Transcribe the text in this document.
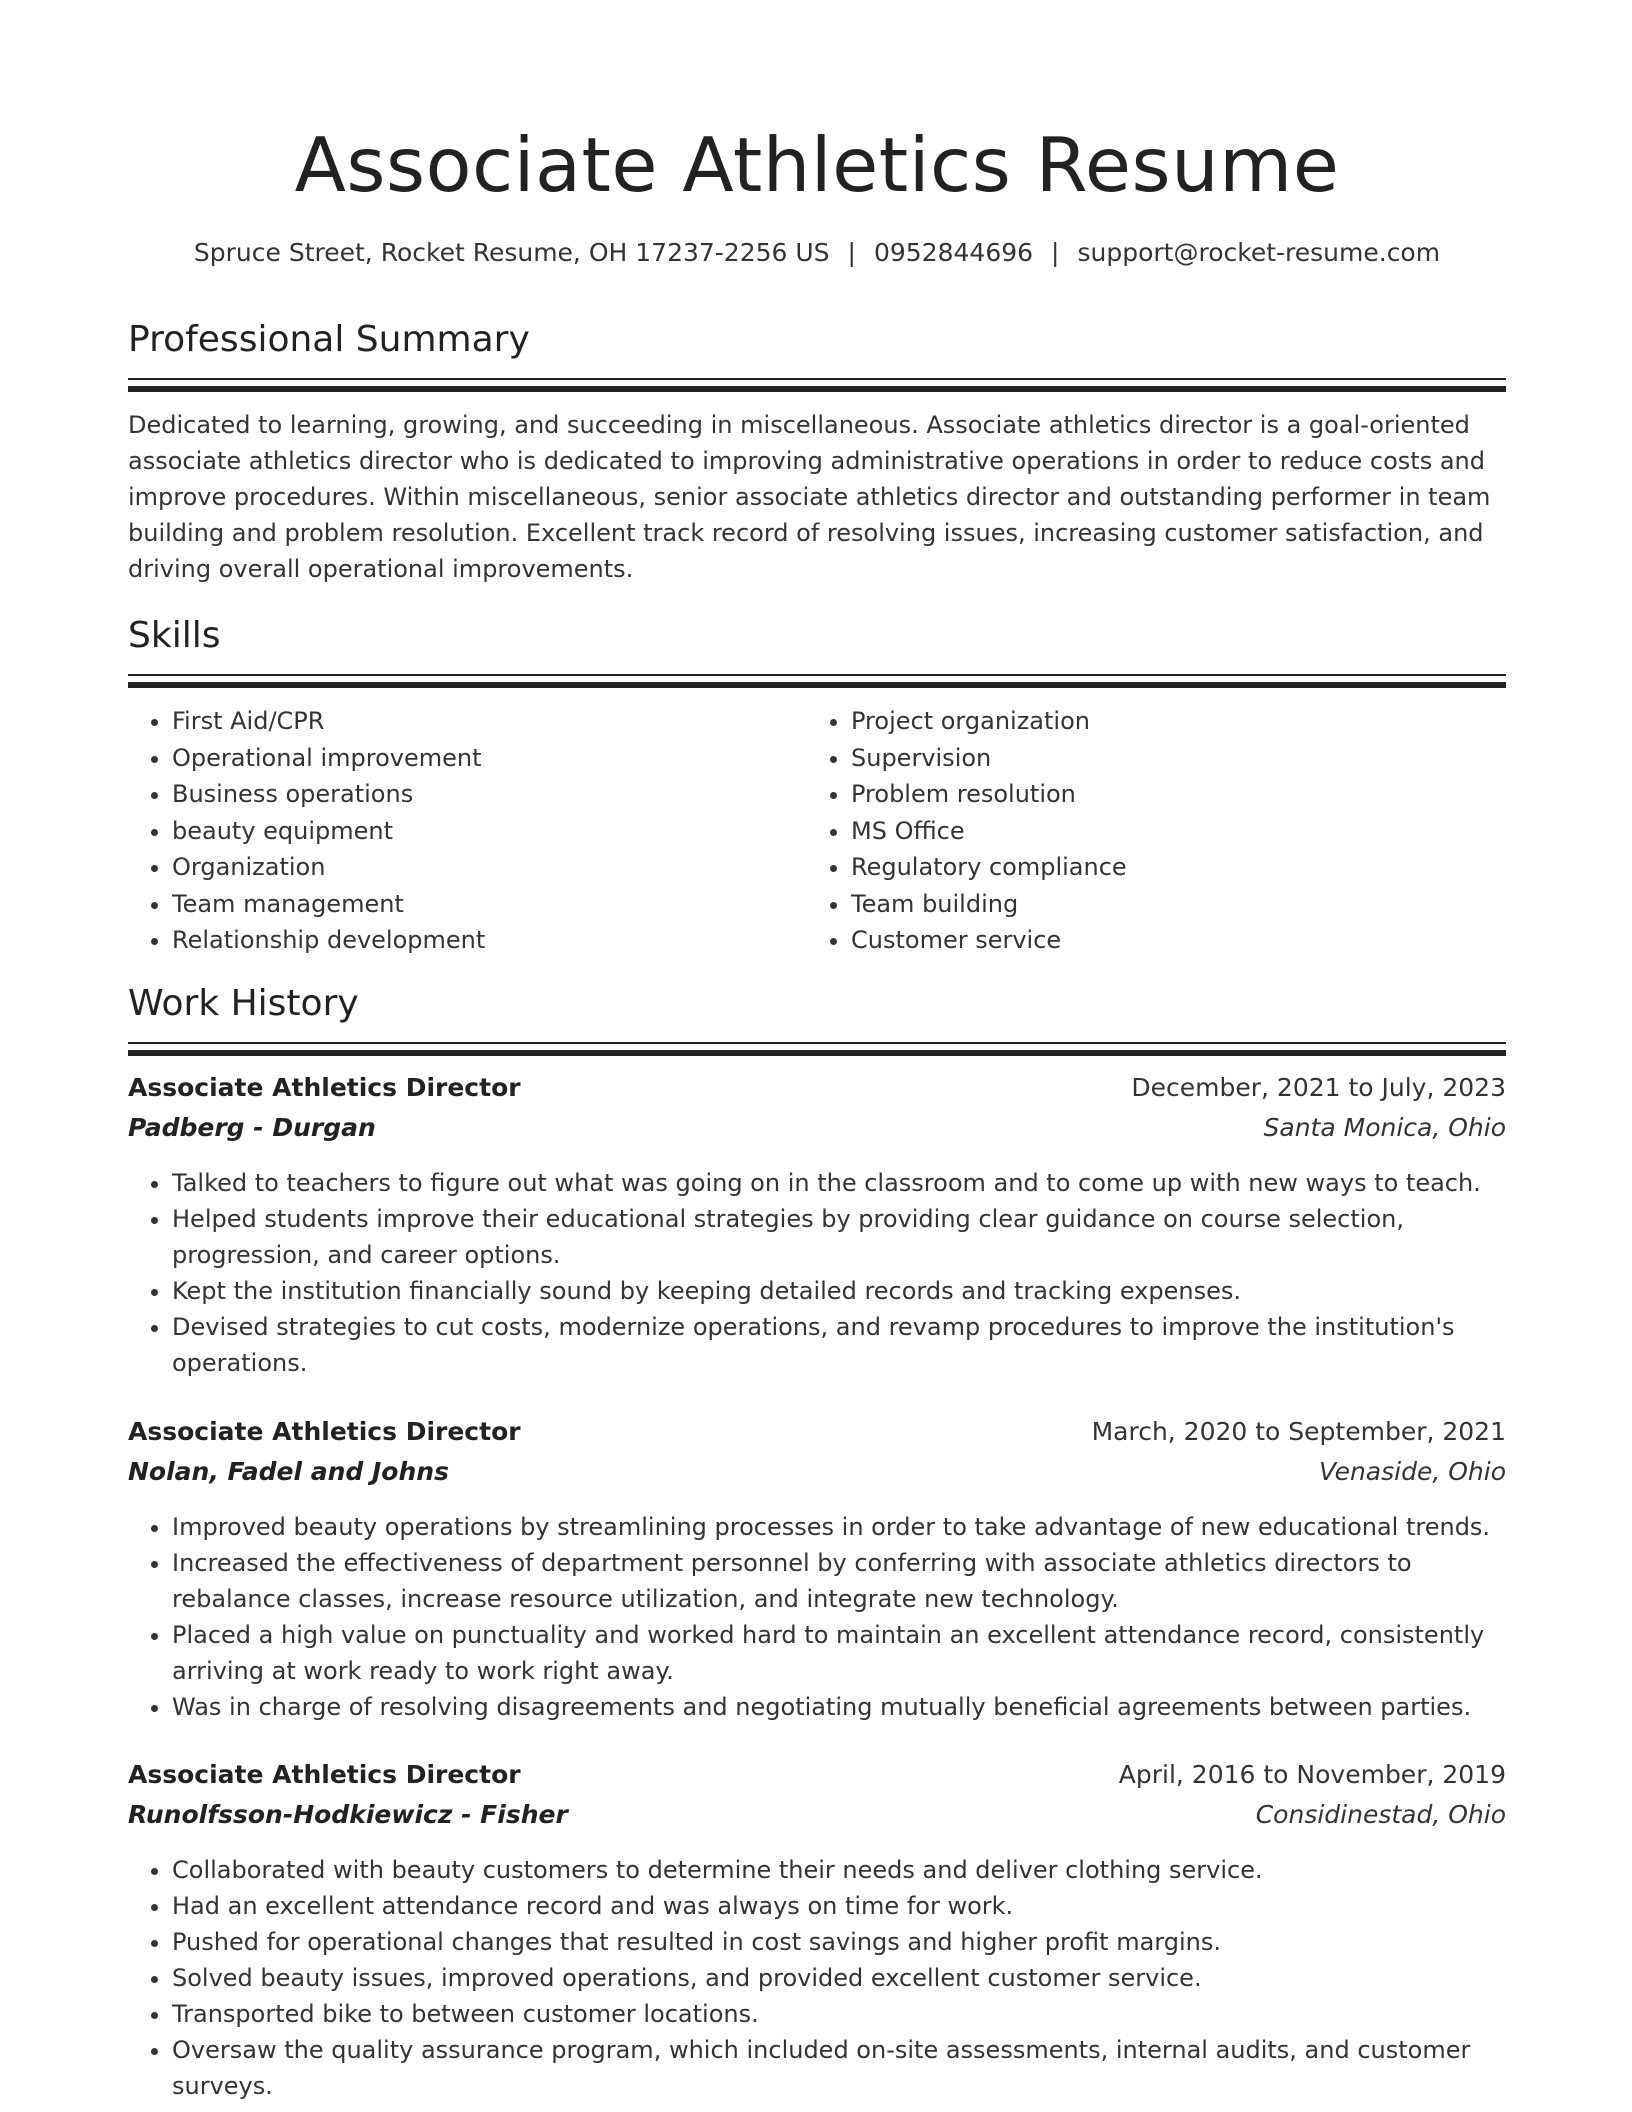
Associate Athletics Resume
Spruce Street, Rocket Resume, OH 17237-2256 US | 0952844696 | support@rocket-resume.com
Professional Summary
Dedicated to learning, growing, and succeeding in miscellaneous. Associate athletics director is a goal-oriented associate athletics director who is dedicated to improving administrative operations in order to reduce costs and improve procedures. Within miscellaneous, senior associate athletics director and outstanding performer in team building and problem resolution. Excellent track record of resolving issues, increasing customer satisfaction, and driving overall operational improvements.
Skills
• First Aid/CPR
• Operational improvement
• Business operations
• beauty equipment
• Organization
• Team management
• Relationship development
• Project organization
• Supervision
• Problem resolution
• MS Office
• Regulatory compliance
• Team building
• Customer service
Work History
Associate Athletics Director	December, 2021 to July, 2023
Padberg - Durgan	Santa Monica, Ohio
• Talked to teachers to figure out what was going on in the classroom and to come up with new ways to teach.
• Helped students improve their educational strategies by providing clear guidance on course selection, progression, and career options.
• Kept the institution financially sound by keeping detailed records and tracking expenses.
• Devised strategies to cut costs, modernize operations, and revamp procedures to improve the institution's operations.
Associate Athletics Director	March, 2020 to September, 2021
Nolan, Fadel and Johns	Venaside, Ohio
• Improved beauty operations by streamlining processes in order to take advantage of new educational trends.
• Increased the effectiveness of department personnel by conferring with associate athletics directors to rebalance classes, increase resource utilization, and integrate new technology.
• Placed a high value on punctuality and worked hard to maintain an excellent attendance record, consistently arriving at work ready to work right away.
• Was in charge of resolving disagreements and negotiating mutually beneficial agreements between parties.
Associate Athletics Director	April, 2016 to November, 2019
Runolfsson-Hodkiewicz - Fisher	Considinestad, Ohio
• Collaborated with beauty customers to determine their needs and deliver clothing service.
• Had an excellent attendance record and was always on time for work.
• Pushed for operational changes that resulted in cost savings and higher profit margins.
• Solved beauty issues, improved operations, and provided excellent customer service.
• Transported bike to between customer locations.
• Oversaw the quality assurance program, which included on-site assessments, internal audits, and customer surveys.
